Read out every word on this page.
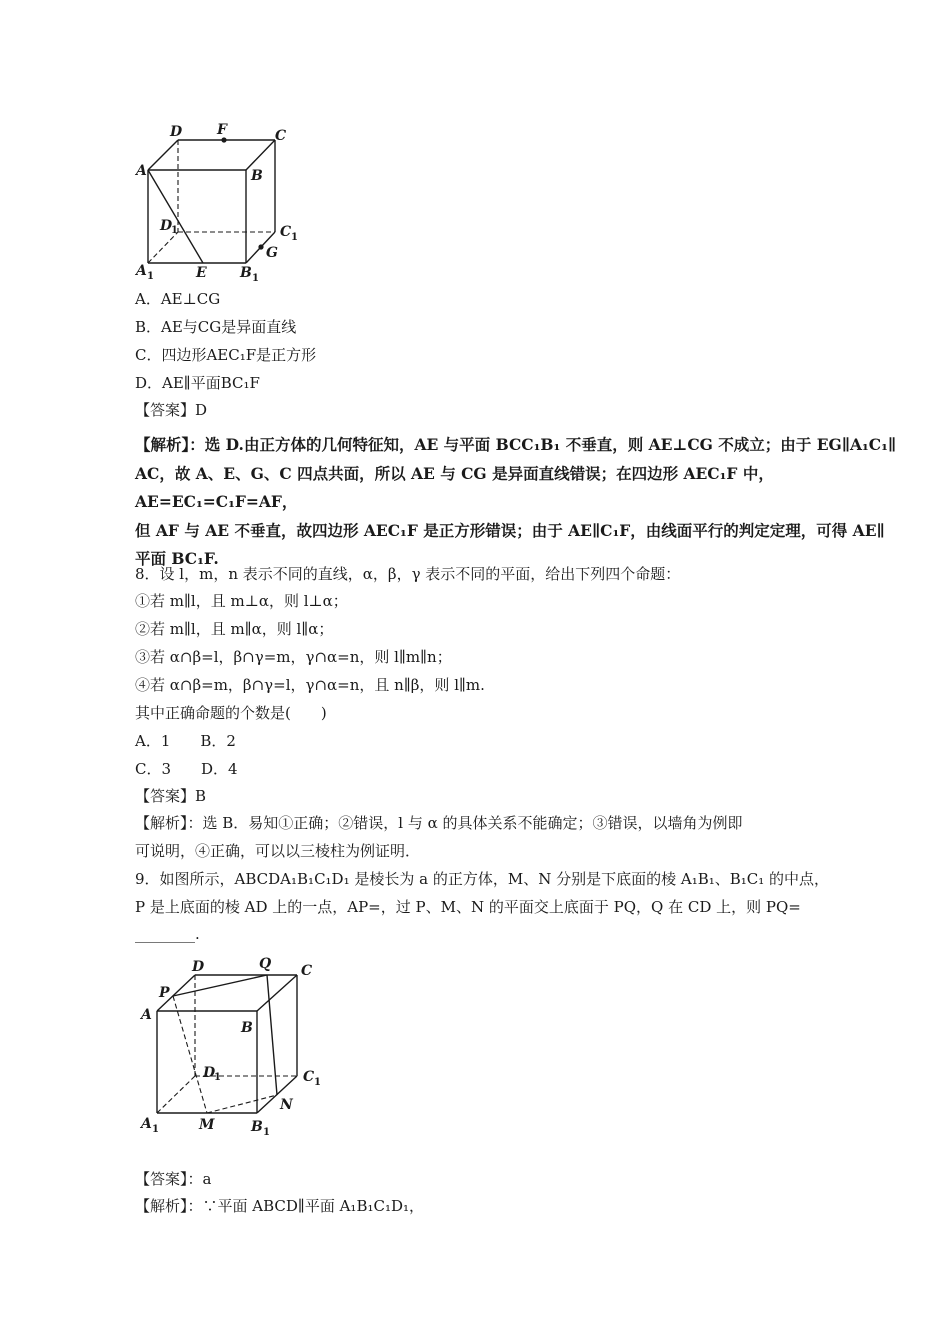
D F	C
A	B
D
1	C 1
A 1	E B 1
G
A．AE⊥CG
B．AE与CG是异面直线
C．四边形AEC₁F是正方形
D．AE∥平面BC₁F
【答案】D
【解析】：选 D.由正方体的几何特征知，AE 与平面 BCC₁B₁ 不垂直，则 AE⊥CG 不成立；由于 EG∥A₁C₁∥
AC，故 A、E、G、C 四点共面，所以 AE 与 CG 是异面直线错误；在四边形 AEC₁F 中，AE=EC₁=C₁F=AF，
但 AF 与 AE 不垂直，故四边形 AEC₁F 是正方形错误；由于 AE∥C₁F，由线面平行的判定定理，可得 AE∥
平面 BC₁F.
8．设 l，m，n 表示不同的直线，α，β，γ 表示不同的平面，给出下列四个命题：
①若 m∥l，且 m⊥α，则 l⊥α；
②若 m∥l，且 m∥α，则 l∥α；
③若 α∩β=l，β∩γ=m，γ∩α=n，则 l∥m∥n；
④若 α∩β=m，β∩γ=l，γ∩α=n，且 n∥β，则 l∥m.
其中正确命题的个数是(　　)
A．1　　B．2
C．3　　D．4
【答案】B
【解析】：选 B．易知①正确；②错误，l 与 α 的具体关系不能确定；③错误，以墙角为例即
可说明，④正确，可以以三棱柱为例证明．
9．如图所示，ABCDA₁B₁C₁D₁ 是棱长为 a 的正方体，M、N 分别是下底面的棱 A₁B₁、B₁C₁ 的中点，
P 是上底面的棱 AD 上的一点，AP=，过 P、M、N 的平面交上底面于 PQ，Q 在 CD 上，则 PQ=
________.
D	Q C
P
A
B
D
1	C 1
N
A 1	M	B 1
【答案】：a
【解析】：∵平面 ABCD∥平面 A₁B₁C₁D₁，
